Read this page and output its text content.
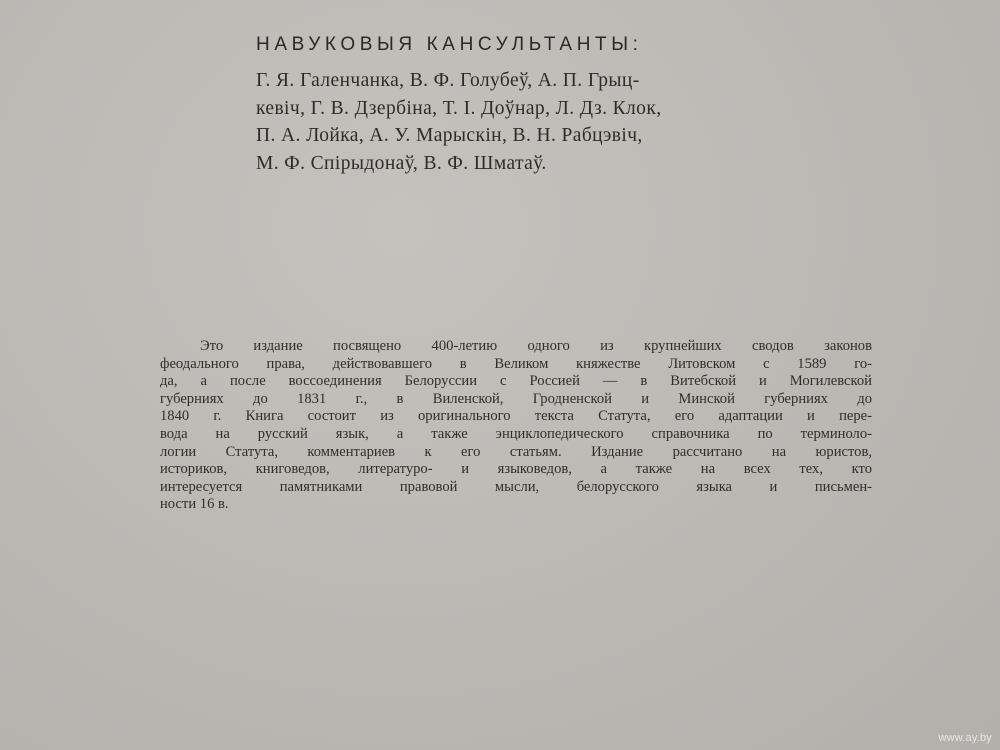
НАВУКОВЫЯ КАНСУЛЬТАНТЫ:
Г. Я. Галенчанка, В. Ф. Голубеў, А. П. Грыц-
кевіч, Г. В. Дзербіна, Т. І. Доўнар, Л. Дз. Клок,
П. А. Лойка, А. У. Марыскін, В. Н. Рабцэвіч,
М. Ф. Спірыдонаў, В. Ф. Шматаў.
Это издание посвящено 400-летию одного из крупнейших сводов законов
феодального права, действовавшего в Великом княжестве Литовском с 1589 го-
да, а после воссоединения Белоруссии с Россией — в Витебской и Могилевской
губерниях до 1831 г., в Виленской, Гродненской и Минской губерниях до
1840 г. Книга состоит из оригинального текста Статута, его адаптации и пере-
вода на русский язык, а также энциклопедического справочника по терминоло-
логии Статута, комментариев к его статьям. Издание рассчитано на юристов,
историков, книговедов, литературо- и языковедов, а также на всех тех, кто
интересуется памятниками правовой мысли, белорусского языка и письмен-
ности 16 в.
www.ay.by
